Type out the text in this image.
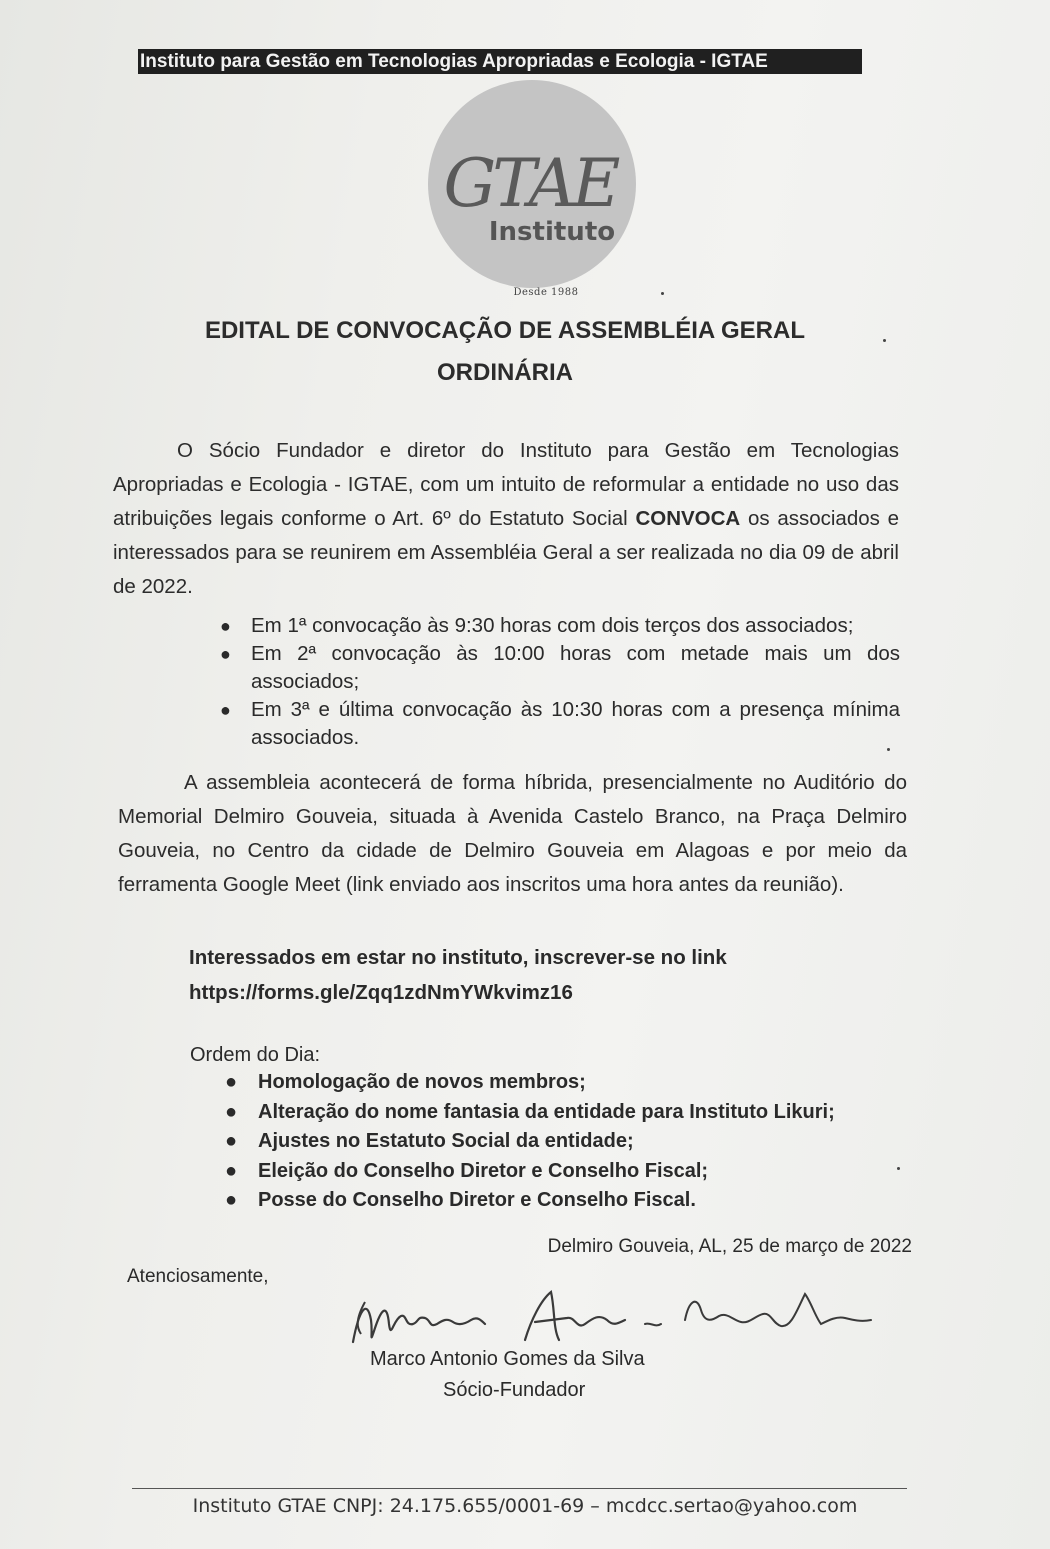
Instituto para Gestão em Tecnologias Apropriadas e Ecologia - IGTAE
GTAE
Instituto
Desde 1988
EDITAL DE CONVOCAÇÃO DE ASSEMBLÉIA GERAL
ORDINÁRIA
O Sócio Fundador e diretor do Instituto para Gestão em Tecnologias Apropriadas e Ecologia - IGTAE, com um intuito de reformular a entidade no uso das atribuições legais conforme o Art. 6º do Estatuto Social CONVOCA os associados e interessados para se reunirem em Assembléia Geral a ser realizada no dia 09 de abril de 2022.
● Em 1ª convocação às 9:30 horas com dois terços dos associados;
● Em 2ª convocação às 10:00 horas com metade mais um dos associados;
● Em 3ª e última convocação às 10:30 horas com a presença mínima associados.
A assembleia acontecerá de forma híbrida, presencialmente no Auditório do Memorial Delmiro Gouveia, situada à Avenida Castelo Branco, na Praça Delmiro Gouveia, no Centro da cidade de Delmiro Gouveia em Alagoas e por meio da ferramenta Google Meet (link enviado aos inscritos uma hora antes da reunião).
Interessados em estar no instituto, inscrever-se no link
https://forms.gle/Zqq1zdNmYWkvimz16
Ordem do Dia:
● Homologação de novos membros;
● Alteração do nome fantasia da entidade para Instituto Likuri;
● Ajustes no Estatuto Social da entidade;
● Eleição do Conselho Diretor e Conselho Fiscal;
● Posse do Conselho Diretor e Conselho Fiscal.
Delmiro Gouveia, AL, 25 de março de 2022
Atenciosamente,
Marco Antonio Gomes da Silva
Sócio-Fundador
Instituto GTAE CNPJ: 24.175.655/0001-69 – mcdcc.sertao@yahoo.com
